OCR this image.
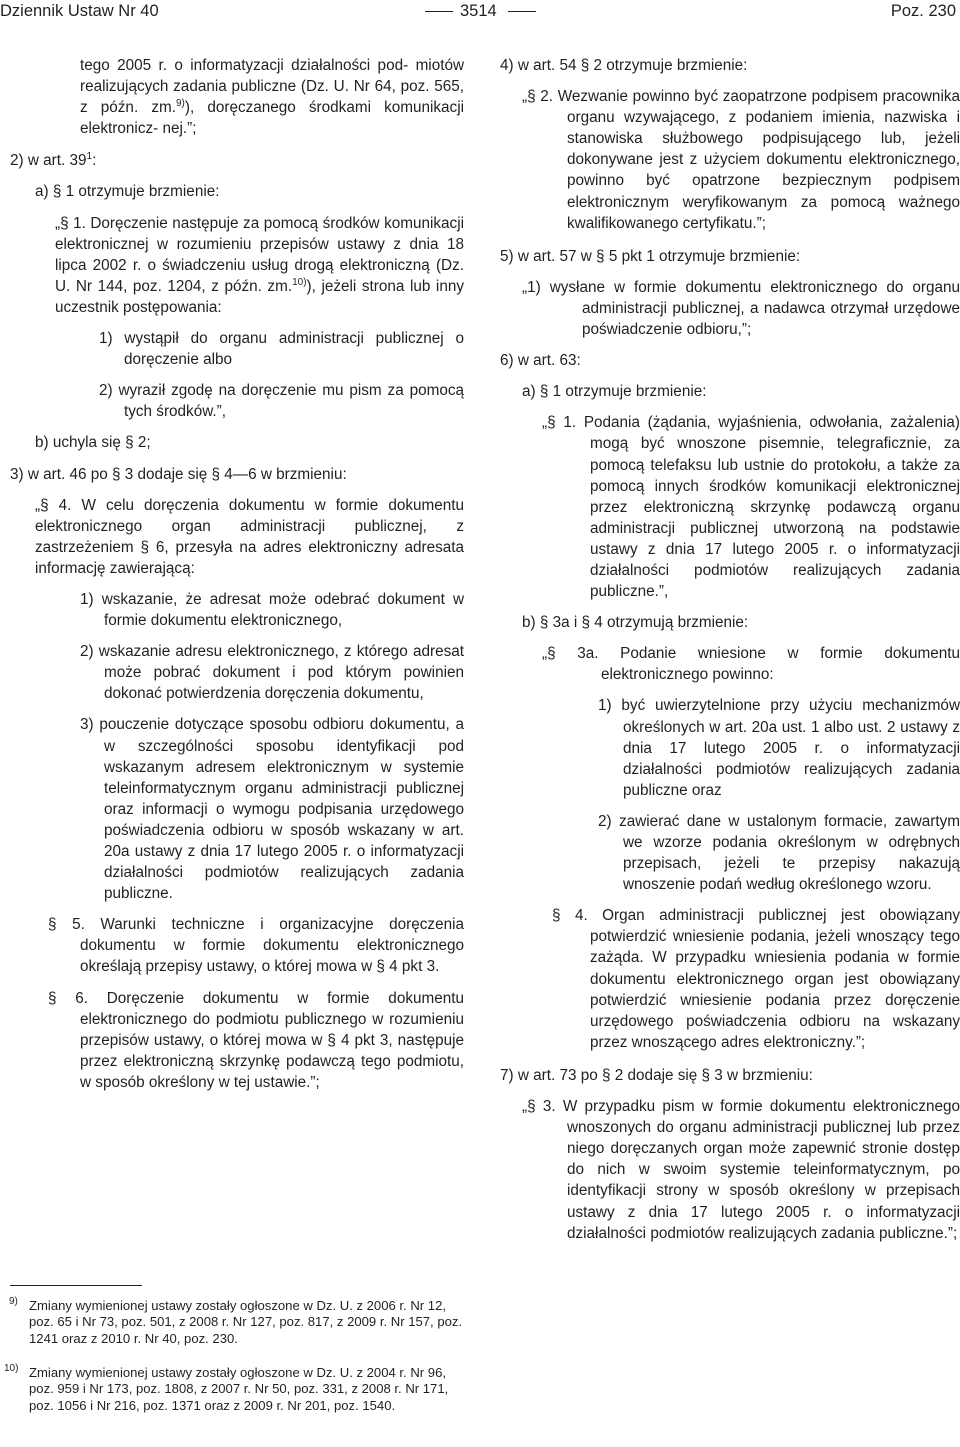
Dziennik Ustaw Nr 40	3514	Poz. 230

tego 2005 r. o informatyzacji działalności pod- miotów realizujących zadania publiczne (Dz. U. Nr 64, poz. 565, z późn. zm.$^{9)}$), doręczanego środkami komunikacji elektronicz- nej.”;

2) w art. $39^1$:

a) § 1 otrzymuje brzmienie:

„§ 1. Doręczenie następuje za pomocą środków komunikacji elektronicznej w rozumieniu przepisów ustawy z dnia 18 lipca 2002 r. o świadczeniu usług drogą elektroniczną (Dz. U. Nr 144, poz. 1204, z późn. zm.$^{10)}$), jeżeli strona lub inny uczestnik postępowania:

1) wystąpił do organu administracji publicznej o doręczenie albo

2) wyraził zgodę na doręczenie mu pism za pomocą tych środków.”,

b) uchyla się § 2;

3) w art. 46 po § 3 dodaje się § 4—6 w brzmieniu:

„§ 4. W celu doręczenia dokumentu w formie dokumentu elektronicznego organ administracji publicznej, z zastrzeżeniem § 6, przesyła na adres elektroniczny adresata informację zawierającą:

1) wskazanie, że adresat może odebrać dokument w formie dokumentu elektronicznego,

2) wskazanie adresu elektronicznego, z którego adresat może pobrać dokument i pod którym powinien dokonać potwierdzenia doręczenia dokumentu,

3) pouczenie dotyczące sposobu odbioru dokumentu, a w szczególności sposobu identyfikacji pod wskazanym adresem elektronicznym w systemie teleinformatycznym organu administracji publicznej oraz informacji o wymogu podpisania urzędowego poświadczenia odbioru w sposób wskazany w art. 20a ustawy z dnia 17 lutego 2005 r. o informatyzacji działalności podmiotów realizujących zadania publiczne.

§ 5. Warunki techniczne i organizacyjne doręczenia dokumentu w formie dokumentu elektronicznego określają przepisy ustawy, o której mowa w § 4 pkt 3.

§ 6. Doręczenie dokumentu w formie dokumentu elektronicznego do podmiotu publicznego w rozumieniu przepisów ustawy, o której mowa w § 4 pkt 3, następuje przez elektroniczną skrzynkę podawczą tego podmiotu, w sposób określony w tej ustawie.”;

9) Zmiany wymienionej ustawy zostały ogłoszone w Dz. U. z 2006 r. Nr 12, poz. 65 i Nr 73, poz. 501, z 2008 r. Nr 127, poz. 817, z 2009 r. Nr 157, poz. 1241 oraz z 2010 r. Nr 40, poz. 230.
10) Zmiany wymienionej ustawy zostały ogłoszone w Dz. U. z 2004 r. Nr 96, poz. 959 i Nr 173, poz. 1808, z 2007 r. Nr 50, poz. 331, z 2008 r. Nr 171, poz. 1056 i Nr 216, poz. 1371 oraz z 2009 r. Nr 201, poz. 1540.

4) w art. 54 § 2 otrzymuje brzmienie:

„§ 2. Wezwanie powinno być zaopatrzone podpisem pracownika organu wzywającego, z podaniem imienia, nazwiska i stanowiska służbowego podpisującego lub, jeżeli dokonywane jest z użyciem dokumentu elektronicznego, powinno być opatrzone bezpiecznym podpisem elektronicznym weryfikowanym za pomocą ważnego kwalifikowanego certyfikatu.”;

5) w art. 57 w § 5 pkt 1 otrzymuje brzmienie:

„1) wysłane w formie dokumentu elektronicznego do organu administracji publicznej, a nadawca otrzymał urzędowe poświadczenie odbioru,”;

6) w art. 63:

a) § 1 otrzymuje brzmienie:

„§ 1. Podania (żądania, wyjaśnienia, odwołania, zażalenia) mogą być wnoszone pisemnie, telegraficznie, za pomocą telefaksu lub ustnie do protokołu, a także za pomocą innych środków komunikacji elektronicznej przez elektroniczną skrzynkę podawczą organu administracji publicznej utworzoną na podstawie ustawy z dnia 17 lutego 2005 r. o informatyzacji działalności podmiotów realizujących zadania publiczne.”,

b) § 3a i § 4 otrzymują brzmienie:

„§ 3a. Podanie wniesione w formie dokumentu elektronicznego powinno:

1) być uwierzytelnione przy użyciu mechanizmów określonych w art. 20a ust. 1 albo ust. 2 ustawy z dnia 17 lutego 2005 r. o informatyzacji działalności podmiotów realizujących zadania publiczne oraz

2) zawierać dane w ustalonym formacie, zawartym we wzorze podania określonym w odrębnych przepisach, jeżeli te przepisy nakazują wnoszenie podań według określonego wzoru.

§ 4. Organ administracji publicznej jest obowiązany potwierdzić wniesienie podania, jeżeli wnoszący tego zażąda. W przypadku wniesienia podania w formie dokumentu elektronicznego organ jest obowiązany potwierdzić wniesienie podania przez doręczenie urzędowego poświadczenia odbioru na wskazany przez wnoszącego adres elektroniczny.”;

7) w art. 73 po § 2 dodaje się § 3 w brzmieniu:

„§ 3. W przypadku pism w formie dokumentu elektronicznego wnoszonych do organu administracji publicznej lub przez niego doręczanych organ może zapewnić stronie dostęp do nich w swoim systemie teleinformatycznym, po identyfikacji strony w sposób określony w przepisach ustawy z dnia 17 lutego 2005 r. o informatyzacji działalności podmiotów realizujących zadania publiczne.”;
